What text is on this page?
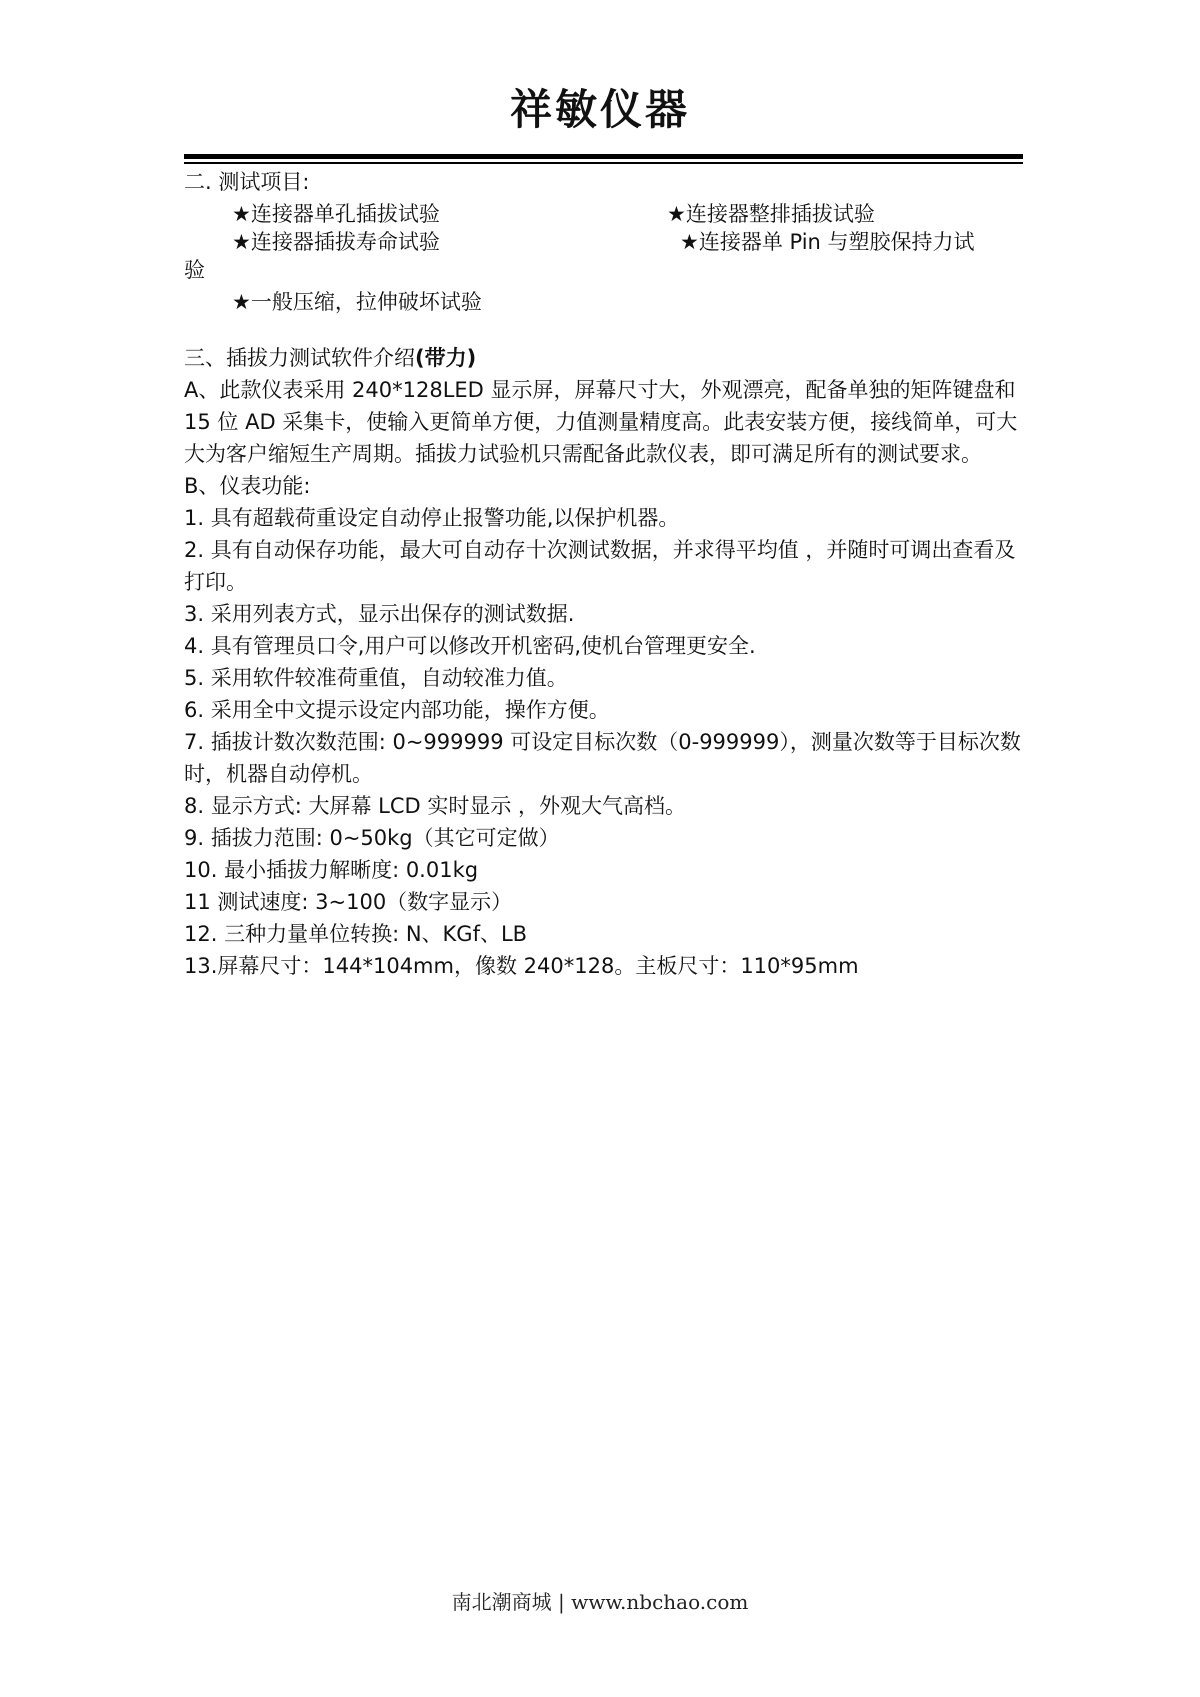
祥敏仪器

二. 测试项目:

★连接器单孔插拔试验	★连接器整排插拔试验
★连接器插拔寿命试验	★连接器单 Pin 与塑胶保持力试

验

★一般压缩，拉伸破坏试验

三、插拔力测试软件介绍(带力)

A、此款仪表采用 240*128LED 显示屏，屏幕尺寸大，外观漂亮，配备单独的矩阵键盘和 15 位 AD 采集卡，使输入更简单方便，力值测量精度高。此表安装方便，接线简单，可大大为客户缩短生产周期。插拔力试验机只需配备此款仪表，即可满足所有的测试要求。

B、仪表功能:

1. 具有超载荷重设定自动停止报警功能,以保护机器。

2. 具有自动保存功能，最大可自动存十次测试数据，并求得平均值 ，并随时可调出查看及打印。

3. 采用列表方式，显示出保存的测试数据.

4. 具有管理员口令,用户可以修改开机密码,使机台管理更安全.

5. 采用软件较准荷重值，自动较准力值。

6. 采用全中文提示设定内部功能，操作方便。

7. 插拔计数次数范围: 0~999999 可设定目标次数（0-999999），测量次数等于目标次数时，机器自动停机。

8. 显示方式: 大屏幕 LCD 实时显示 ，外观大气高档。

9. 插拔力范围: 0~50kg（其它可定做）

10. 最小插拔力解晰度: 0.01kg

11 测试速度: 3~100（数字显示）

12. 三种力量单位转换: N、KGf、LB

13.屏幕尺寸：144*104mm，像数 240*128。主板尺寸：110*95mm

南北潮商城 | www.nbchao.com
